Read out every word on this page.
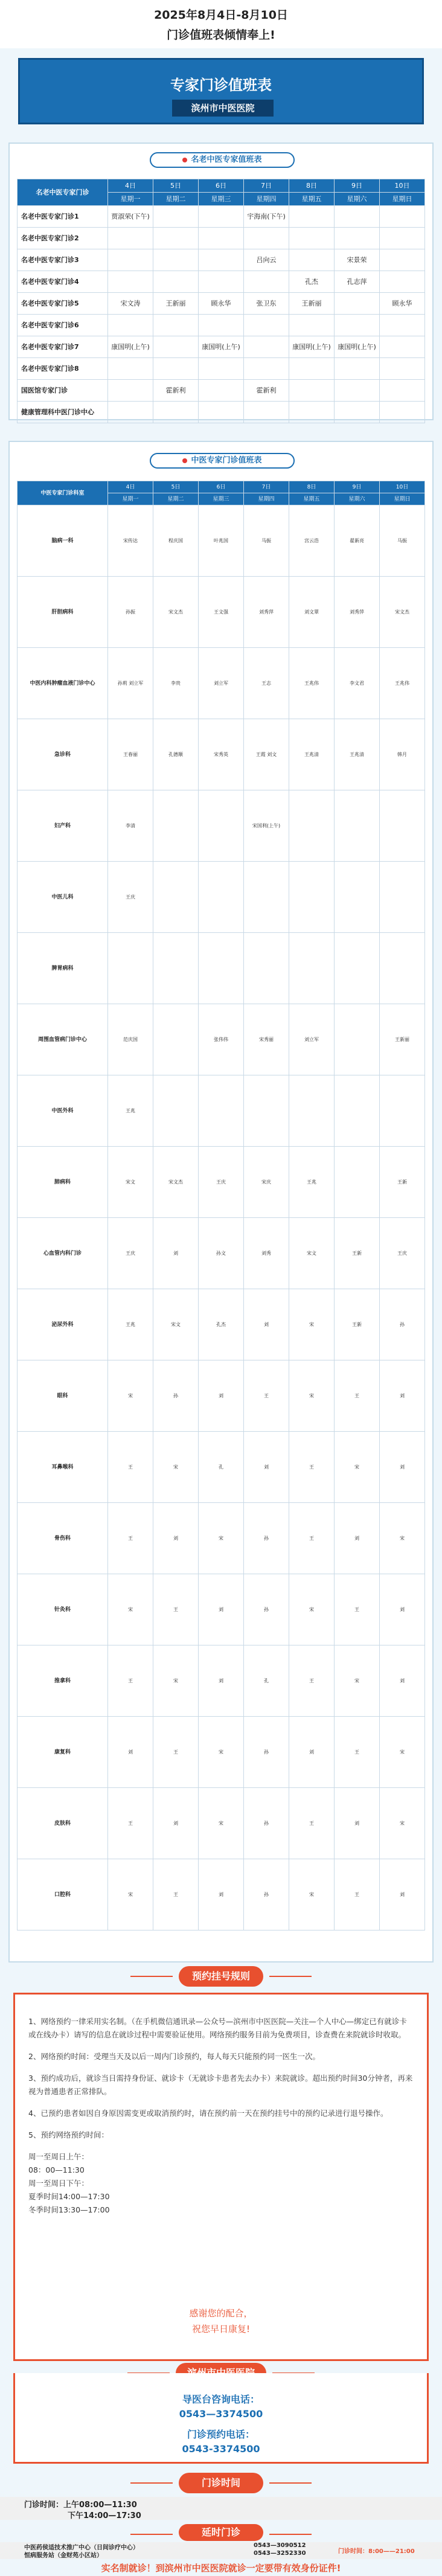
2025年8月4日-8月10日
门诊值班表倾情奉上!
专家门诊值班表
滨州市中医医院
名老中医专家值班表
名老中医专家门诊	4日	5日	6日	7日	8日	9日	10日
	星期一	星期二	星期三	星期四	星期五	星期六	星期日
名老中医专家门诊1	贾淑荣(下午)			宇海南(下午)			
名老中医专家门诊2							
名老中医专家门诊3				吕向云		宋景荣	
名老中医专家门诊4					孔杰	孔志萍	
名老中医专家门诊5	宋文涛	王新丽	顾永华	张卫东	王新丽		顾永华
名老中医专家门诊6							
名老中医专家门诊7	康国明(上午)		康国明(上午)		康国明(上午)	康国明(上午)	
名老中医专家门诊8							
国医馆专家门诊		霍新利		霍新利			
健康管理科中医门诊中心							
中医专家门诊值班表
中医专家门诊科室	4日	5日	6日	7日	8日	9日	10日
	星期一	星期二	星期三	星期四	星期五	星期六	星期日
脑病一科	宋传达	程庆国	叶兆国	马振	宫云浩	翟新亮	马振
肝胆病科	孙振	宋文杰	王文强	刘秀萍	刘文翠	刘秀萍	宋文杰
中医内科肿瘤血液门诊中心	孙莉 刘立军	李贵	刘立军	王志	王兆伟	李文君	王兆伟
急诊科	王春丽	孔德顺	宋秀英	王霞 刘文	王兆清	王兆清	韩月
妇产科	李清			宋国利(上午)			
中医儿科	王庆						
脾胃病科							
周围血管病门诊中心	范庆国		张伟伟	宋秀丽	刘立军		王新丽
中医外科	王兆						
肺病科	宋文	宋文杰	王庆	宋庆	王兆		王新
心血管内科门诊	王庆	刘	孙文	刘秀	宋文	王新	王庆
泌尿外科	王兆	宋文	孔杰	刘	宋	王新	孙
眼科	宋	孙	刘	王	宋	王	刘
耳鼻喉科	王	宋	孔	刘	王	宋	刘
骨伤科	王	刘	宋	孙	王	刘	宋
针灸科	宋	王	刘	孙	宋	王	刘
推拿科	王	宋	刘	孔	王	宋	刘
康复科	刘	王	宋	孙	刘	王	宋
皮肤科	王	刘	宋	孙	王	刘	宋
口腔科	宋	王	刘	孙	宋	王	刘
预约挂号规则

1、网络预约一律采用实名制。（在手机微信通讯录—公众号—滨州市中医医院—关注—个人中心—绑定已有就诊卡或在线办卡）请写的信息在就诊过程中需要验证使用。网络预约服务目前为免费项目，诊查费在来院就诊时收取。

2、网络预约时间：受理当天及以后一周内门诊预约，每人每天只能预约同一医生一次。

3、预约成功后，就诊当日需持身份证、就诊卡（无就诊卡患者先去办卡）来院就诊。超出预约时间30分钟者，再来视为普通患者正常排队。

4、已预约患者如因自身原因需变更或取消预约时，请在预约前一天在预约挂号中的预约记录进行退号操作。

5、预约网络预约时间：

周一至周日上午：

08：00—11:30

周一至周日下午：

夏季时间14:00—17:30

冬季时间13:30—17:00

感谢您的配合，
祝您早日康复!
导医台咨询电话：
0543—3374500
门诊预约电话：
0543-3374500
门诊时间
门诊时间：上午08:00—11:30
下午14:00—17:30
延时门诊
中医药侯适技术推广中心（日间诊疗中心）	0543—3090512
恒病服务站（金财苑小区站）	0543—3252330	门诊时间：8:00——21:00
实名制就诊！到滨州市中医医院就诊一定要带有效身份证件!
